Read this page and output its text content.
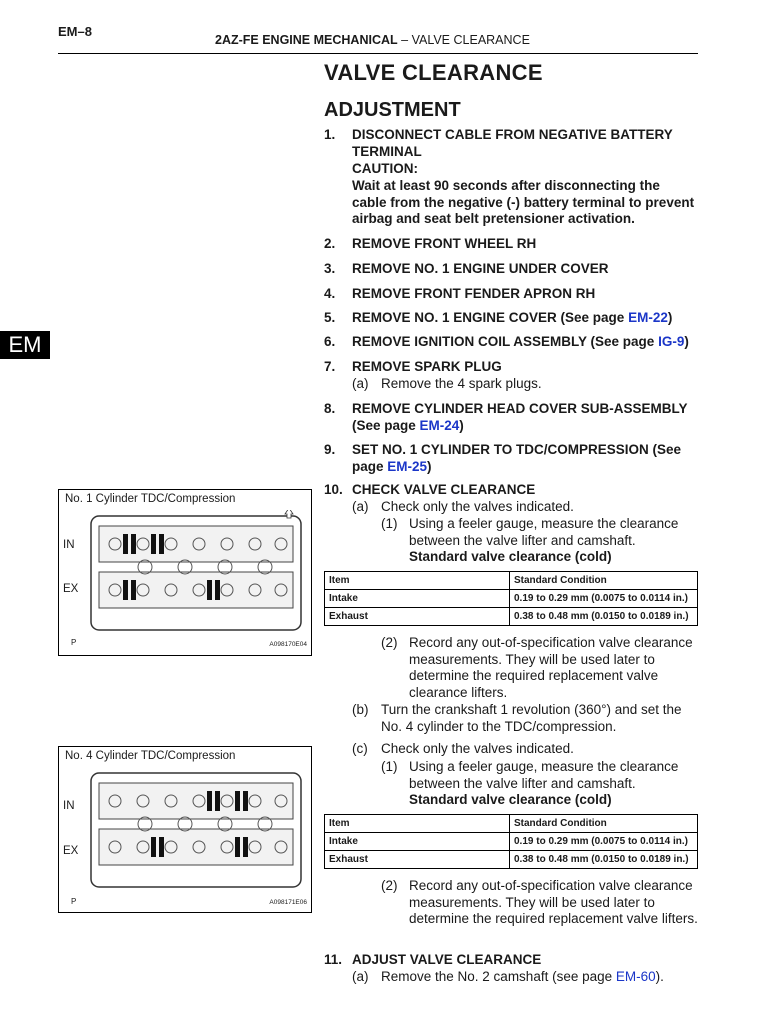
EM–8
2AZ-FE ENGINE MECHANICAL – VALVE CLEARANCE
VALVE CLEARANCE
ADJUSTMENT
EM
1.	DISCONNECT CABLE FROM NEGATIVE BATTERY TERMINAL
CAUTION:
Wait at least 90 seconds after disconnecting the cable from the negative (-) battery terminal to prevent airbag and seat belt pretensioner activation.
2.	REMOVE FRONT WHEEL RH
3.	REMOVE NO. 1 ENGINE UNDER COVER
4.	REMOVE FRONT FENDER APRON RH
5.	REMOVE NO. 1 ENGINE COVER (See page EM-22)
6.	REMOVE IGNITION COIL ASSEMBLY (See page IG-9)
7.	REMOVE SPARK PLUG
(a) Remove the 4 spark plugs.
8.	REMOVE CYLINDER HEAD COVER SUB-ASSEMBLY (See page EM-24)
9.	SET NO. 1 CYLINDER TO TDC/COMPRESSION (See page EM-25)
10. CHECK VALVE CLEARANCE
(a) Check only the valves indicated.
(1) Using a feeler gauge, measure the clearance between the valve lifter and camshaft.
Standard valve clearance (cold)
Item	Standard Condition
Intake	0.19 to 0.29 mm (0.0075 to 0.0114 in.)
Exhaust	0.38 to 0.48 mm (0.0150 to 0.0189 in.)
(2) Record any out-of-specification valve clearance measurements. They will be used later to determine the required replacement valve clearance lifters.
(b) Turn the crankshaft 1 revolution (360°) and set the No. 4 cylinder to the TDC/compression.
(c) Check only the valves indicated.
(1) Using a feeler gauge, measure the clearance between the valve lifter and camshaft.
Standard valve clearance (cold)
Item	Standard Condition
Intake	0.19 to 0.29 mm (0.0075 to 0.0114 in.)
Exhaust	0.38 to 0.48 mm (0.0150 to 0.0189 in.)
(2) Record any out-of-specification valve clearance measurements. They will be used later to determine the required replacement valve lifters.
11. ADJUST VALVE CLEARANCE
(a) Remove the No. 2 camshaft (see page EM-60).
No. 1 Cylinder TDC/Compression
IN
EX
P	A098170E04
No. 4 Cylinder TDC/Compression
IN
EX
P	A098171E06
